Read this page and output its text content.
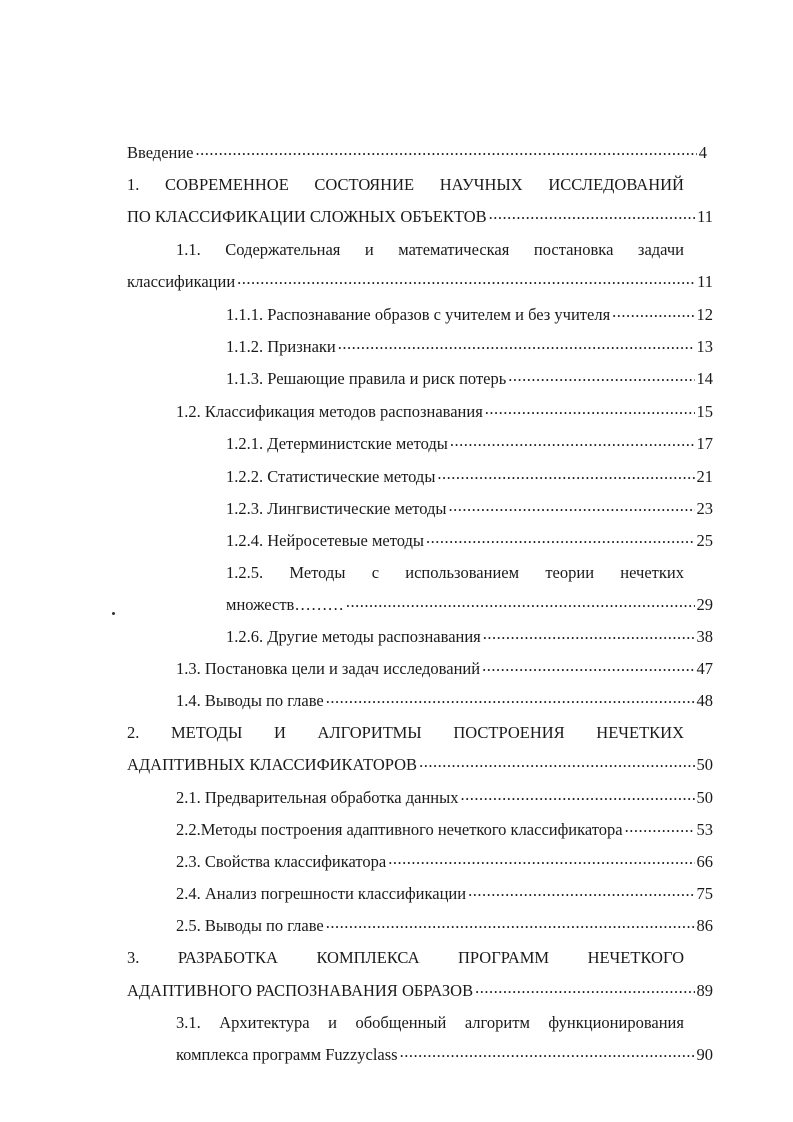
Введение .....	4
1. СОВРЕМЕННОЕ СОСТОЯНИЕ НАУЧНЫХ ИССЛЕДОВАНИЙ
ПО КЛАССИФИКАЦИИ СЛОЖНЫХ ОБЪЕКТОВ .....	11
1.1. Содержательная и математическая постановка задачи
классификации .....	11
1.1.1. Распознавание образов с учителем и без учителя .....	12
1.1.2. Признаки .....	13
1.1.3. Решающие правила и риск потерь .....	14
1.2. Классификация методов распознавания .....	15
1.2.1. Детерминистские методы .....	17
1.2.2. Статистические методы .....	21
1.2.3. Лингвистические методы .....	23
1.2.4. Нейросетевые методы .....	25
1.2.5. Методы с использованием теории нечетких
множеств……… .....	29
1.2.6. Другие методы распознавания .....	38
1.3. Постановка цели и задач исследований .....	47
1.4. Выводы по главе .....	48
2. МЕТОДЫ И АЛГОРИТМЫ ПОСТРОЕНИЯ НЕЧЕТКИХ
АДАПТИВНЫХ КЛАССИФИКАТОРОВ .....	50
2.1. Предварительная обработка данных .....	50
2.2.Методы построения адаптивного нечеткого классификатора .....	53
2.3. Свойства классификатора .....	66
2.4. Анализ погрешности классификации .....	75
2.5. Выводы по главе .....	86
3. РАЗРАБОТКА КОМПЛЕКСА ПРОГРАММ НЕЧЕТКОГО
АДАПТИВНОГО РАСПОЗНАВАНИЯ ОБРАЗОВ .....	89
3.1. Архитектура и обобщенный алгоритм функционирования
комплекса программ Fuzzyclass .....	90
